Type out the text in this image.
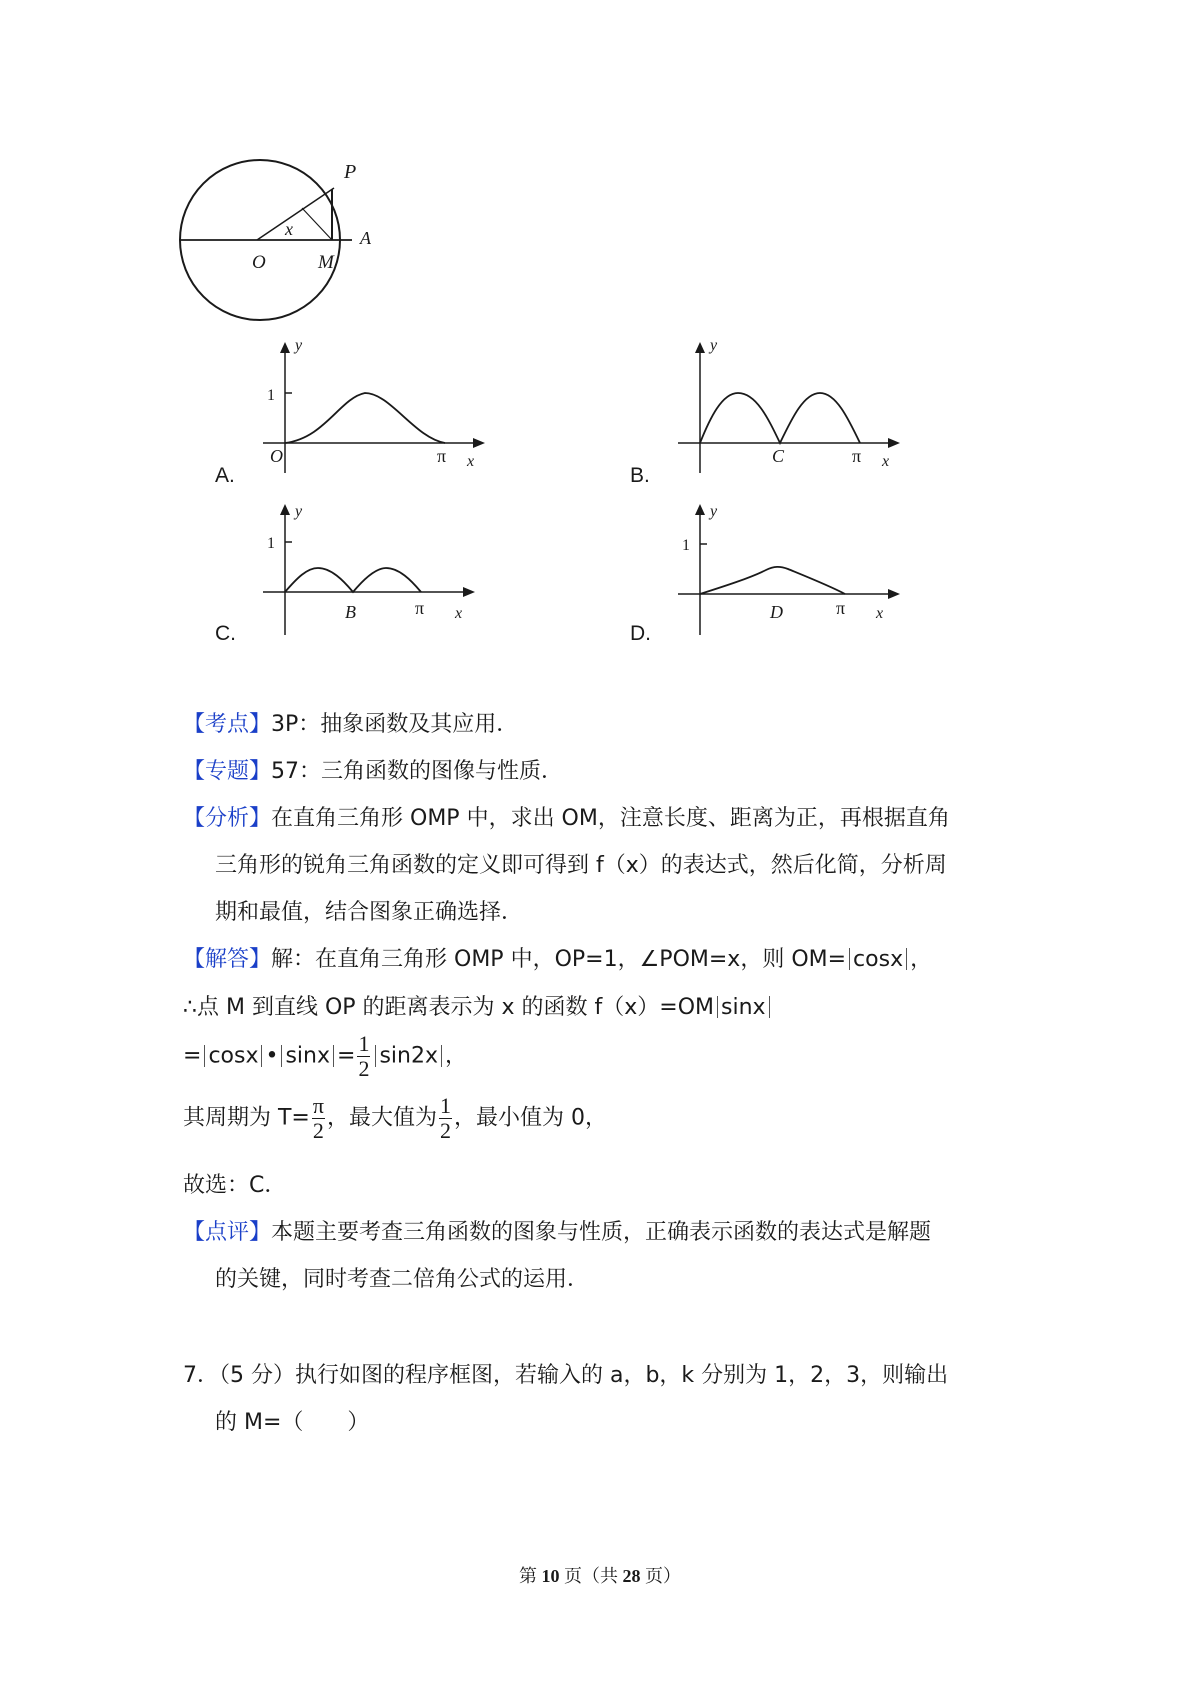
P
x	A
O	M
A.
1
y
O	π x
B.
y
C	π x
C.
1
y
B	π x
D.
1
y
D	π x
【考点】3P：抽象函数及其应用．
【专题】57：三角函数的图像与性质．
【分析】在直角三角形 OMP 中，求出 OM，注意长度、距离为正，再根据直角
三角形的锐角三角函数的定义即可得到 f（x）的表达式，然后化简，分析周
期和最值，结合图象正确选择．
【解答】解：在直角三角形 OMP 中，OP=1，∠POM=x，则 OM= cosx ，
∴点 M 到直线 OP 的距离表示为 x 的函数 f（x）=OM sinx
= cosx • $\sin x = \frac{1}{2} \sin 2x$ ，
其周期为 $T= \frac{\pi}{2}$ ，最大值为 $\frac{1}{2}$ ，最小值为 0，
故选：C．
【点评】本题主要考查三角函数的图象与性质，正确表示函数的表达式是解题
的关键，同时考查二倍角公式的运用．
7．（5 分）执行如图的程序框图，若输入的 a，b，k 分别为 1，2，3，则输出
的 M=（　　）
第 10 页（共 28 页）
